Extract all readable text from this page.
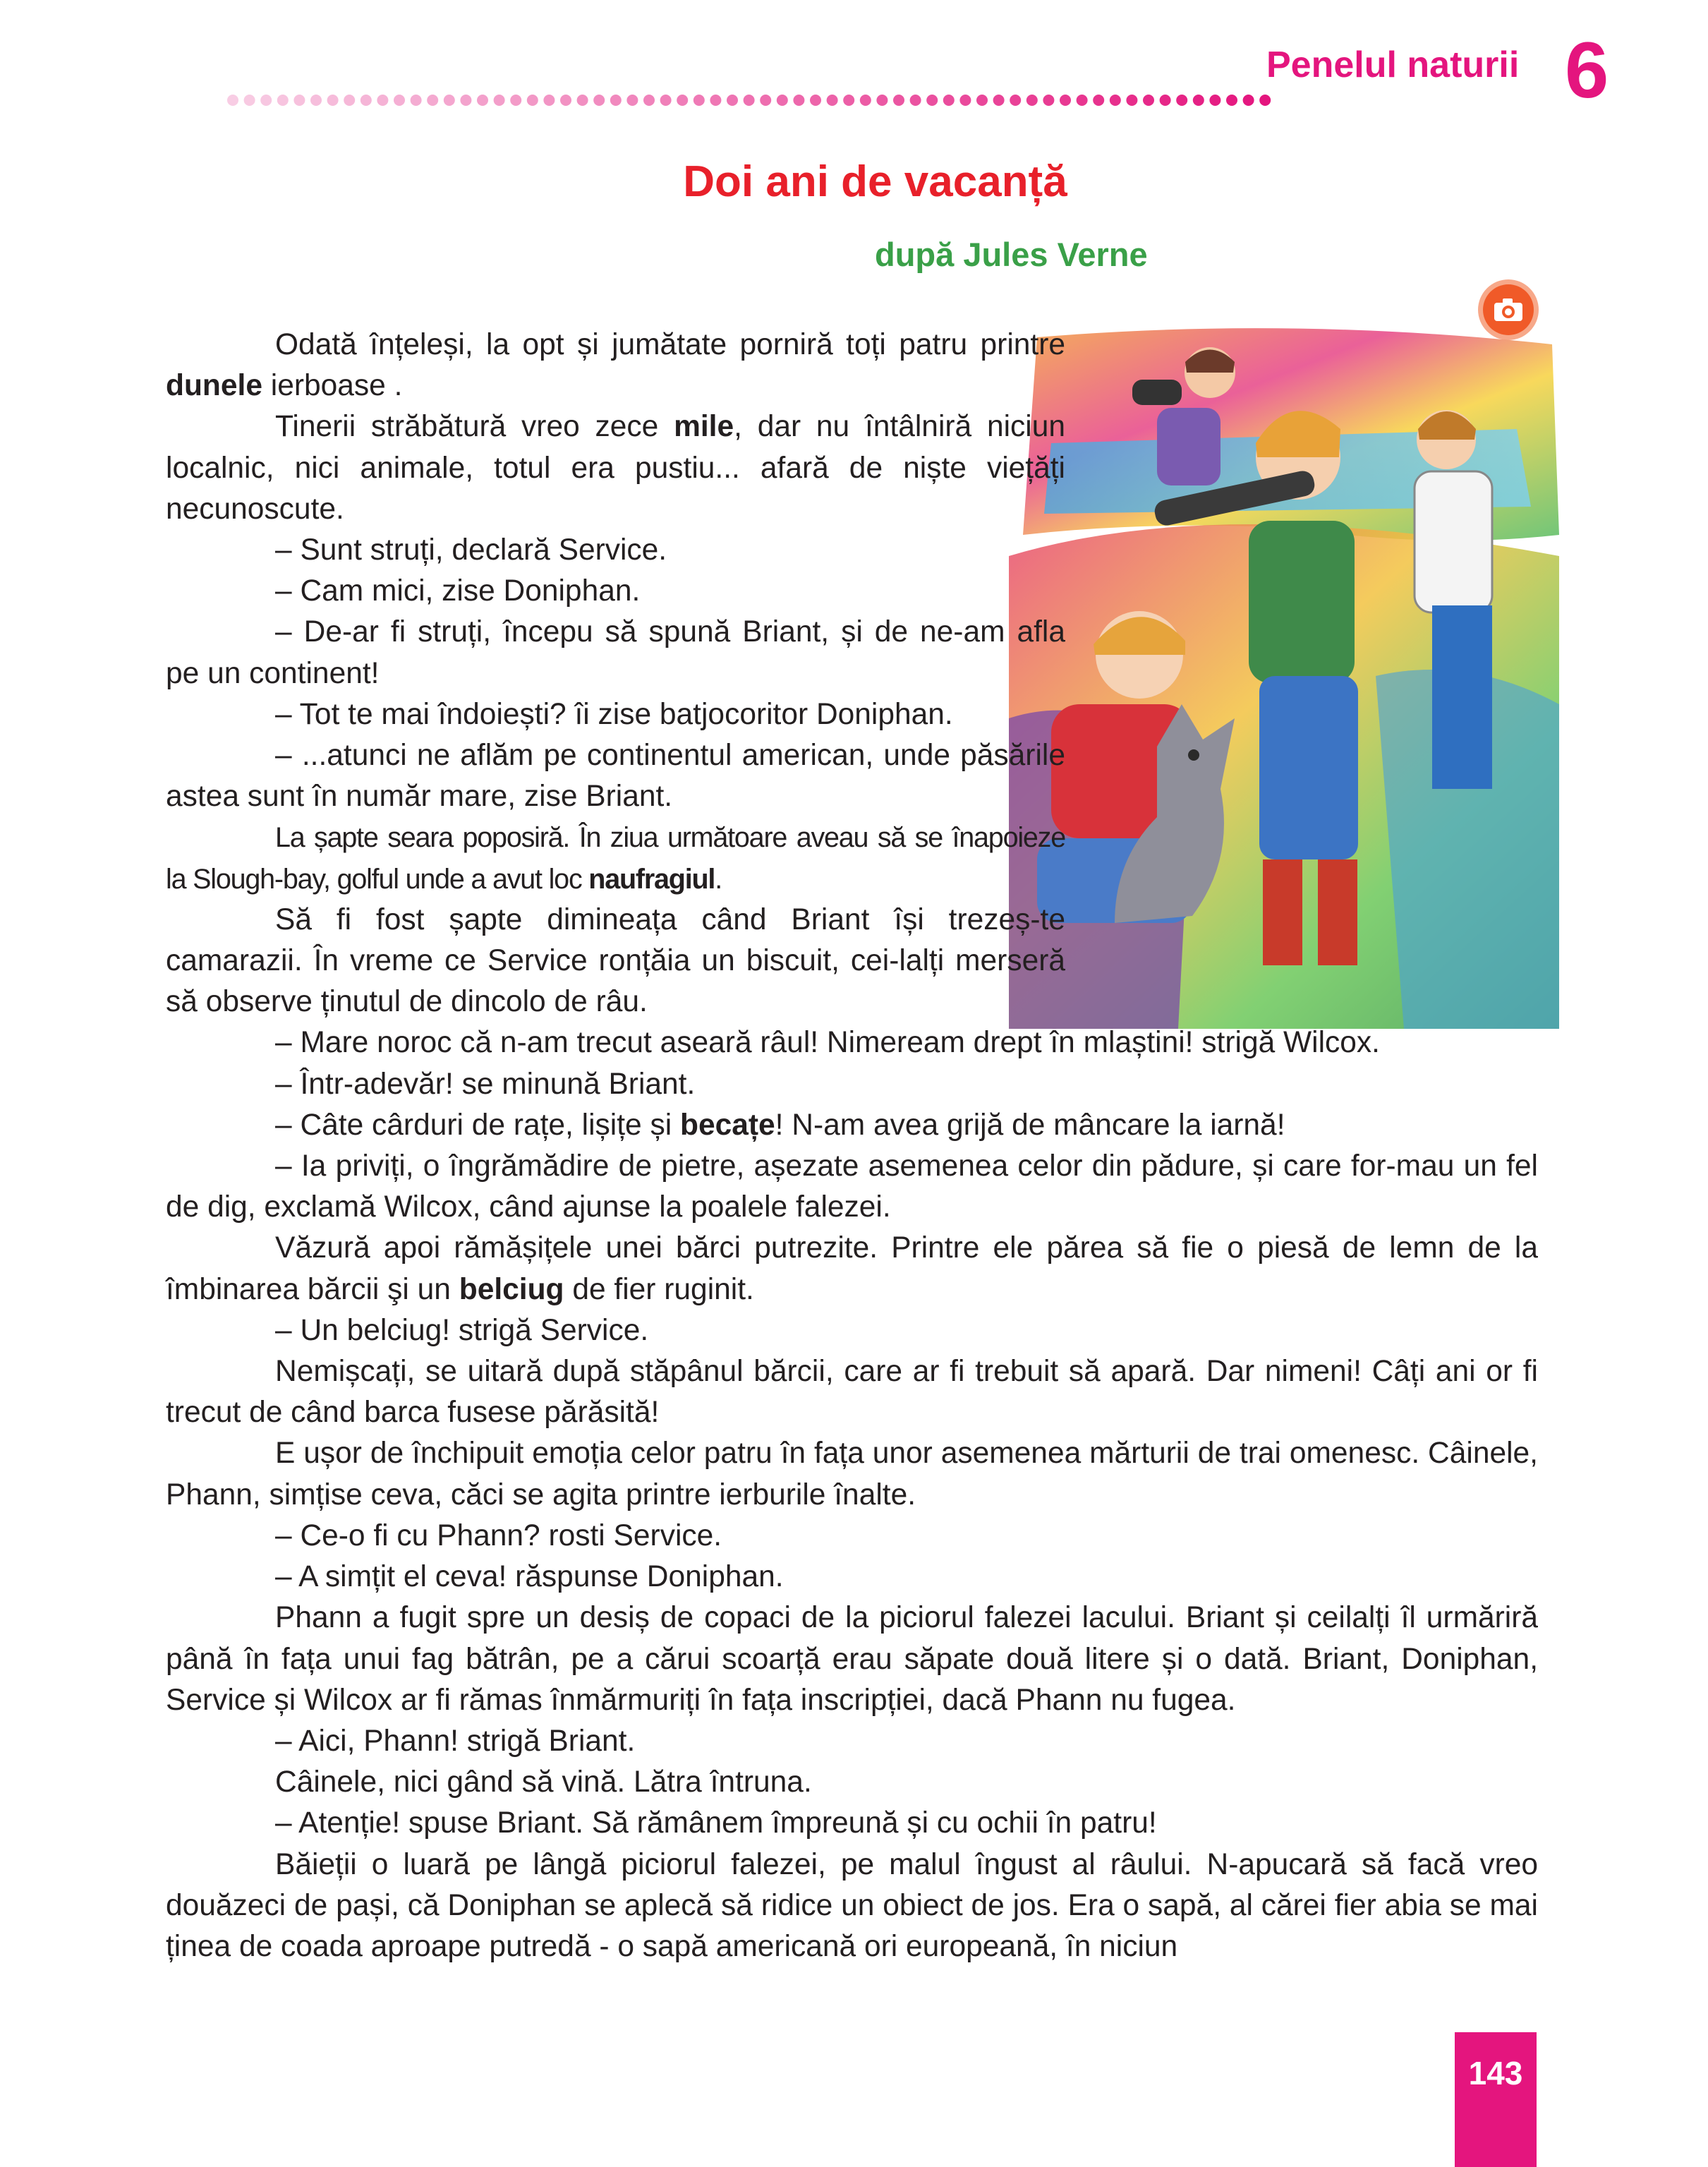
Penelul naturii 6
Doi ani de vacanță
după Jules Verne

Odată înțeleși, la opt și jumătate porniră toți patru printre dunele ierboase .

Tinerii străbătură vreo zece mile, dar nu întâlniră niciun localnic, nici animale, totul era pustiu... afară de niște viețăți necunoscute.

– Sunt struți, declară Service.

– Cam mici, zise Doniphan.

– De-ar fi struți, începu să spună Briant, și de ne-am afla pe un continent!

– Tot te mai îndoiești? îi zise batjocoritor Doniphan.

– ...atunci ne aflăm pe continentul american, unde păsările astea sunt în număr mare, zise Briant.

La șapte seara poposiră. În ziua următoare aveau să se înapoieze la Slough-bay, golful unde a avut loc naufragiul.

Să fi fost șapte dimineața când Briant își trezeș-te camarazii. În vreme ce Service ronțăia un biscuit, cei-lalți merseră să observe ținutul de dincolo de râu.

– Mare noroc că n-am trecut aseară râul! Nimeream drept în mlaștini! strigă Wilcox.

– Într-adevăr! se minună Briant.

– Câte cârduri de rațe, lișițe și becațe! N-am avea grijă de mâncare la iarnă!

– Ia priviți, o îngrămădire de pietre, așezate asemenea celor din pădure, și care for-mau un fel de dig, exclamă Wilcox, când ajunse la poalele falezei.

Văzură apoi rămășițele unei bărci putrezite. Printre ele părea să fie o piesă de lemn de la îmbinarea bărcii şi un belciug de fier ruginit.

– Un belciug! strigă Service.

Nemișcați, se uitară după stăpânul bărcii, care ar fi trebuit să apară. Dar nimeni! Câți ani or fi trecut de când barca fusese părăsită!

E ușor de închipuit emoția celor patru în fața unor asemenea mărturii de trai omenesc. Câinele, Phann, simțise ceva, căci se agita printre ierburile înalte.

– Ce-o fi cu Phann? rosti Service.

– A simțit el ceva! răspunse Doniphan.

Phann a fugit spre un desiș de copaci de la piciorul falezei lacului. Briant și ceilalți îl urmăriră până în fața unui fag bătrân, pe a cărui scoarță erau săpate două litere și o dată. Briant, Doniphan, Service și Wilcox ar fi rămas înmărmuriți în fața inscripției, dacă Phann nu fugea.

– Aici, Phann! strigă Briant.

Câinele, nici gând să vină. Lătra întruna.

– Atenție! spuse Briant. Să rămânem împreună și cu ochii în patru!

Băieții o luară pe lângă piciorul falezei, pe malul îngust al râului. N-apucară să facă vreo douăzeci de pași, că Doniphan se aplecă să ridice un obiect de jos. Era o sapă, al cărei fier abia se mai ținea de coada aproape putredă - o sapă americană ori europeană, în niciun

143
